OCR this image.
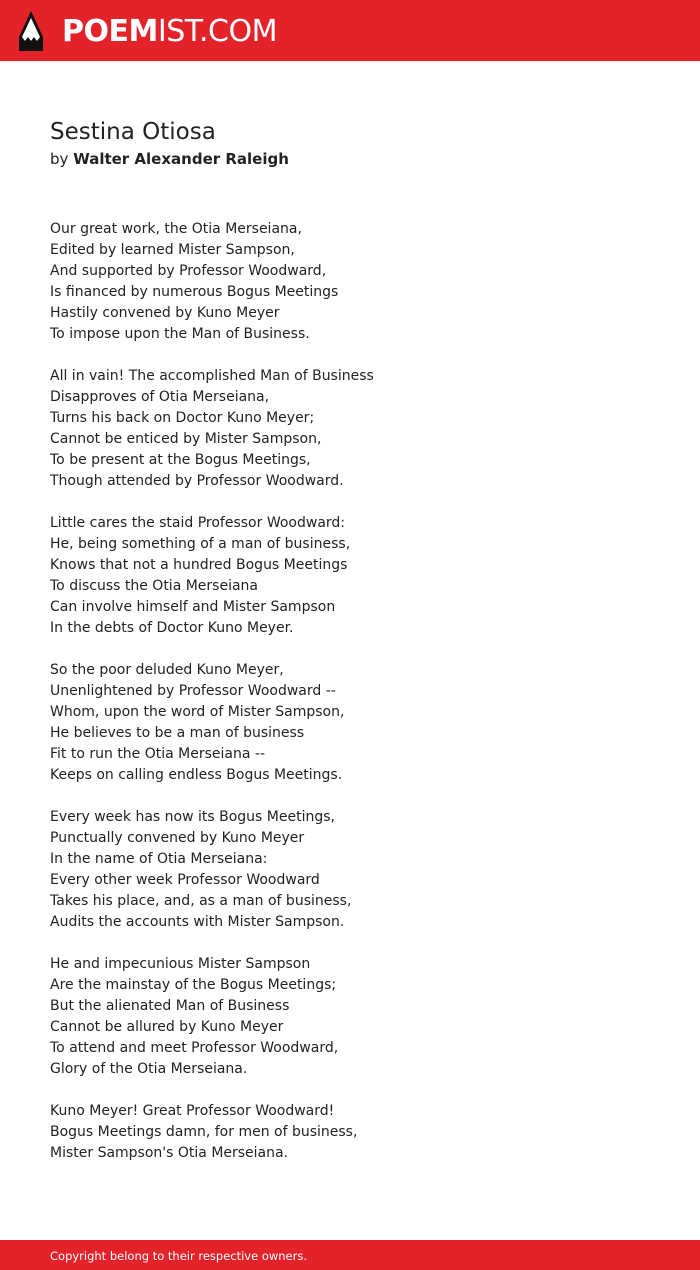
POEM IST.COM
Sestina Otiosa
by Walter Alexander Raleigh
Our great work, the Otia Merseiana,
Edited by learned Mister Sampson,
And supported by Professor Woodward,
Is financed by numerous Bogus Meetings
Hastily convened by Kuno Meyer
To impose upon the Man of Business.
All in vain! The accomplished Man of Business
Disapproves of Otia Merseiana,
Turns his back on Doctor Kuno Meyer;
Cannot be enticed by Mister Sampson,
To be present at the Bogus Meetings,
Though attended by Professor Woodward.
Little cares the staid Professor Woodward:
He, being something of a man of business,
Knows that not a hundred Bogus Meetings
To discuss the Otia Merseiana
Can involve himself and Mister Sampson
In the debts of Doctor Kuno Meyer.
So the poor deluded Kuno Meyer,
Unenlightened by Professor Woodward --
Whom, upon the word of Mister Sampson,
He believes to be a man of business
Fit to run the Otia Merseiana --
Keeps on calling endless Bogus Meetings.
Every week has now its Bogus Meetings,
Punctually convened by Kuno Meyer
In the name of Otia Merseiana:
Every other week Professor Woodward
Takes his place, and, as a man of business,
Audits the accounts with Mister Sampson.
He and impecunious Mister Sampson
Are the mainstay of the Bogus Meetings;
But the alienated Man of Business
Cannot be allured by Kuno Meyer
To attend and meet Professor Woodward,
Glory of the Otia Merseiana.
Kuno Meyer! Great Professor Woodward!
Bogus Meetings damn, for men of business,
Mister Sampson's Otia Merseiana.
Copyright belong to their respective owners.
